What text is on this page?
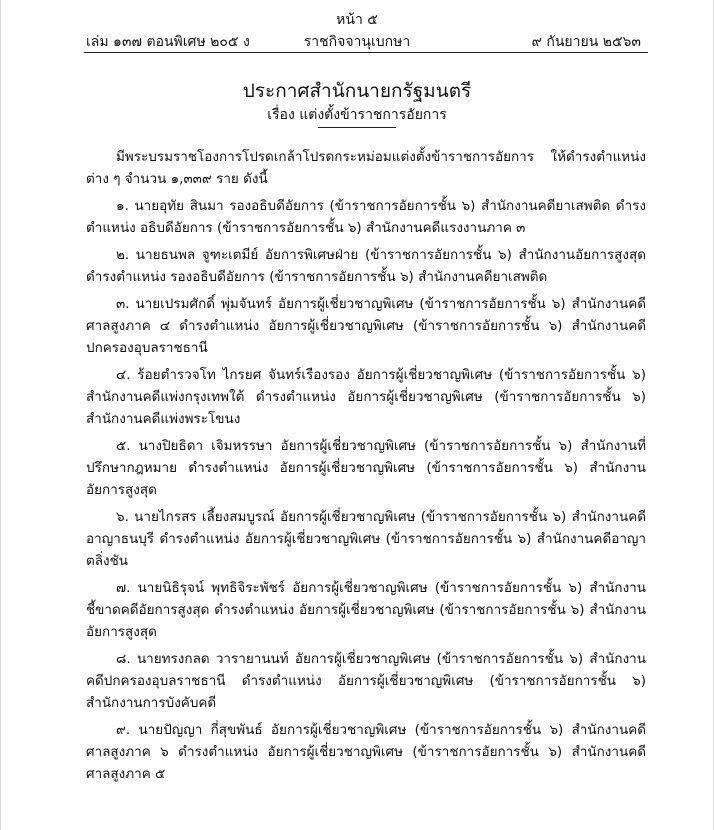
หน้า ๕
เล่ม ๑๓๗ ตอนพิเศษ ๒๐๕ ง	ราชกิจจานุเบกษา	๙ กันยายน ๒๕๖๓
ประกาศสำนักนายกรัฐมนตรี
เรื่อง แต่งตั้งข้าราชการอัยการ

มีพระบรมราชโองการโปรดเกล้าโปรดกระหม่อมแต่งตั้งข้าราชการอัยการ ให้ดำรงตำแหน่งต่าง ๆ จำนวน ๑,๓๓๙ ราย ดังนี้

๑. นายอุทัย สินมา รองอธิบดีอัยการ (ข้าราชการอัยการชั้น ๖) สำนักงานคดียาเสพติด ดำรงตำแหน่ง อธิบดีอัยการ (ข้าราชการอัยการชั้น ๖) สำนักงานคดีแรงงานภาค ๓

๒. นายธนพล จูฑะเตมีย์ อัยการพิเศษฝ่าย (ข้าราชการอัยการชั้น ๖) สำนักงานอัยการสูงสุด ดำรงตำแหน่ง รองอธิบดีอัยการ (ข้าราชการอัยการชั้น ๖) สำนักงานคดียาเสพติด

๓. นายเปรมศักดิ์ พุ่มจันทร์ อัยการผู้เชี่ยวชาญพิเศษ (ข้าราชการอัยการชั้น ๖) สำนักงานคดีศาลสูงภาค ๔ ดำรงตำแหน่ง อัยการผู้เชี่ยวชาญพิเศษ (ข้าราชการอัยการชั้น ๖) สำนักงานคดีปกครองอุบลราชธานี

๔. ร้อยตำรวจโท ไกรยศ จันทร์เรืองรอง อัยการผู้เชี่ยวชาญพิเศษ (ข้าราชการอัยการชั้น ๖) สำนักงานคดีแพ่งกรุงเทพใต้ ดำรงตำแหน่ง อัยการผู้เชี่ยวชาญพิเศษ (ข้าราชการอัยการชั้น ๖) สำนักงานคดีแพ่งพระโขนง

๕. นางปิยธิดา เจิมหรรษา อัยการผู้เชี่ยวชาญพิเศษ (ข้าราชการอัยการชั้น ๖) สำนักงานที่ปรึกษากฎหมาย ดำรงตำแหน่ง อัยการผู้เชี่ยวชาญพิเศษ (ข้าราชการอัยการชั้น ๖) สำนักงานอัยการสูงสุด

๖. นายไกรสร เลี้ยงสมบูรณ์ อัยการผู้เชี่ยวชาญพิเศษ (ข้าราชการอัยการชั้น ๖) สำนักงานคดีอาญาธนบุรี ดำรงตำแหน่ง อัยการผู้เชี่ยวชาญพิเศษ (ข้าราชการอัยการชั้น ๖) สำนักงานคดีอาญาตลิ่งชัน

๗. นายนิธิรุจน์ พุทธิจิระพัชร์ อัยการผู้เชี่ยวชาญพิเศษ (ข้าราชการอัยการชั้น ๖) สำนักงานชี้ขาดคดีอัยการสูงสุด ดำรงตำแหน่ง อัยการผู้เชี่ยวชาญพิเศษ (ข้าราชการอัยการชั้น ๖) สำนักงานอัยการสูงสุด

๘. นายทรงกลด วารายานนท์ อัยการผู้เชี่ยวชาญพิเศษ (ข้าราชการอัยการชั้น ๖) สำนักงานคดีปกครองอุบลราชธานี ดำรงตำแหน่ง อัยการผู้เชี่ยวชาญพิเศษ (ข้าราชการอัยการชั้น ๖) สำนักงานการบังคับคดี

๙. นายปัญญา กี่สุขพันธ์ อัยการผู้เชี่ยวชาญพิเศษ (ข้าราชการอัยการชั้น ๖) สำนักงานคดีศาลสูงภาค ๖ ดำรงตำแหน่ง อัยการผู้เชี่ยวชาญพิเศษ (ข้าราชการอัยการชั้น ๖) สำนักงานคดีศาลสูงภาค ๕
